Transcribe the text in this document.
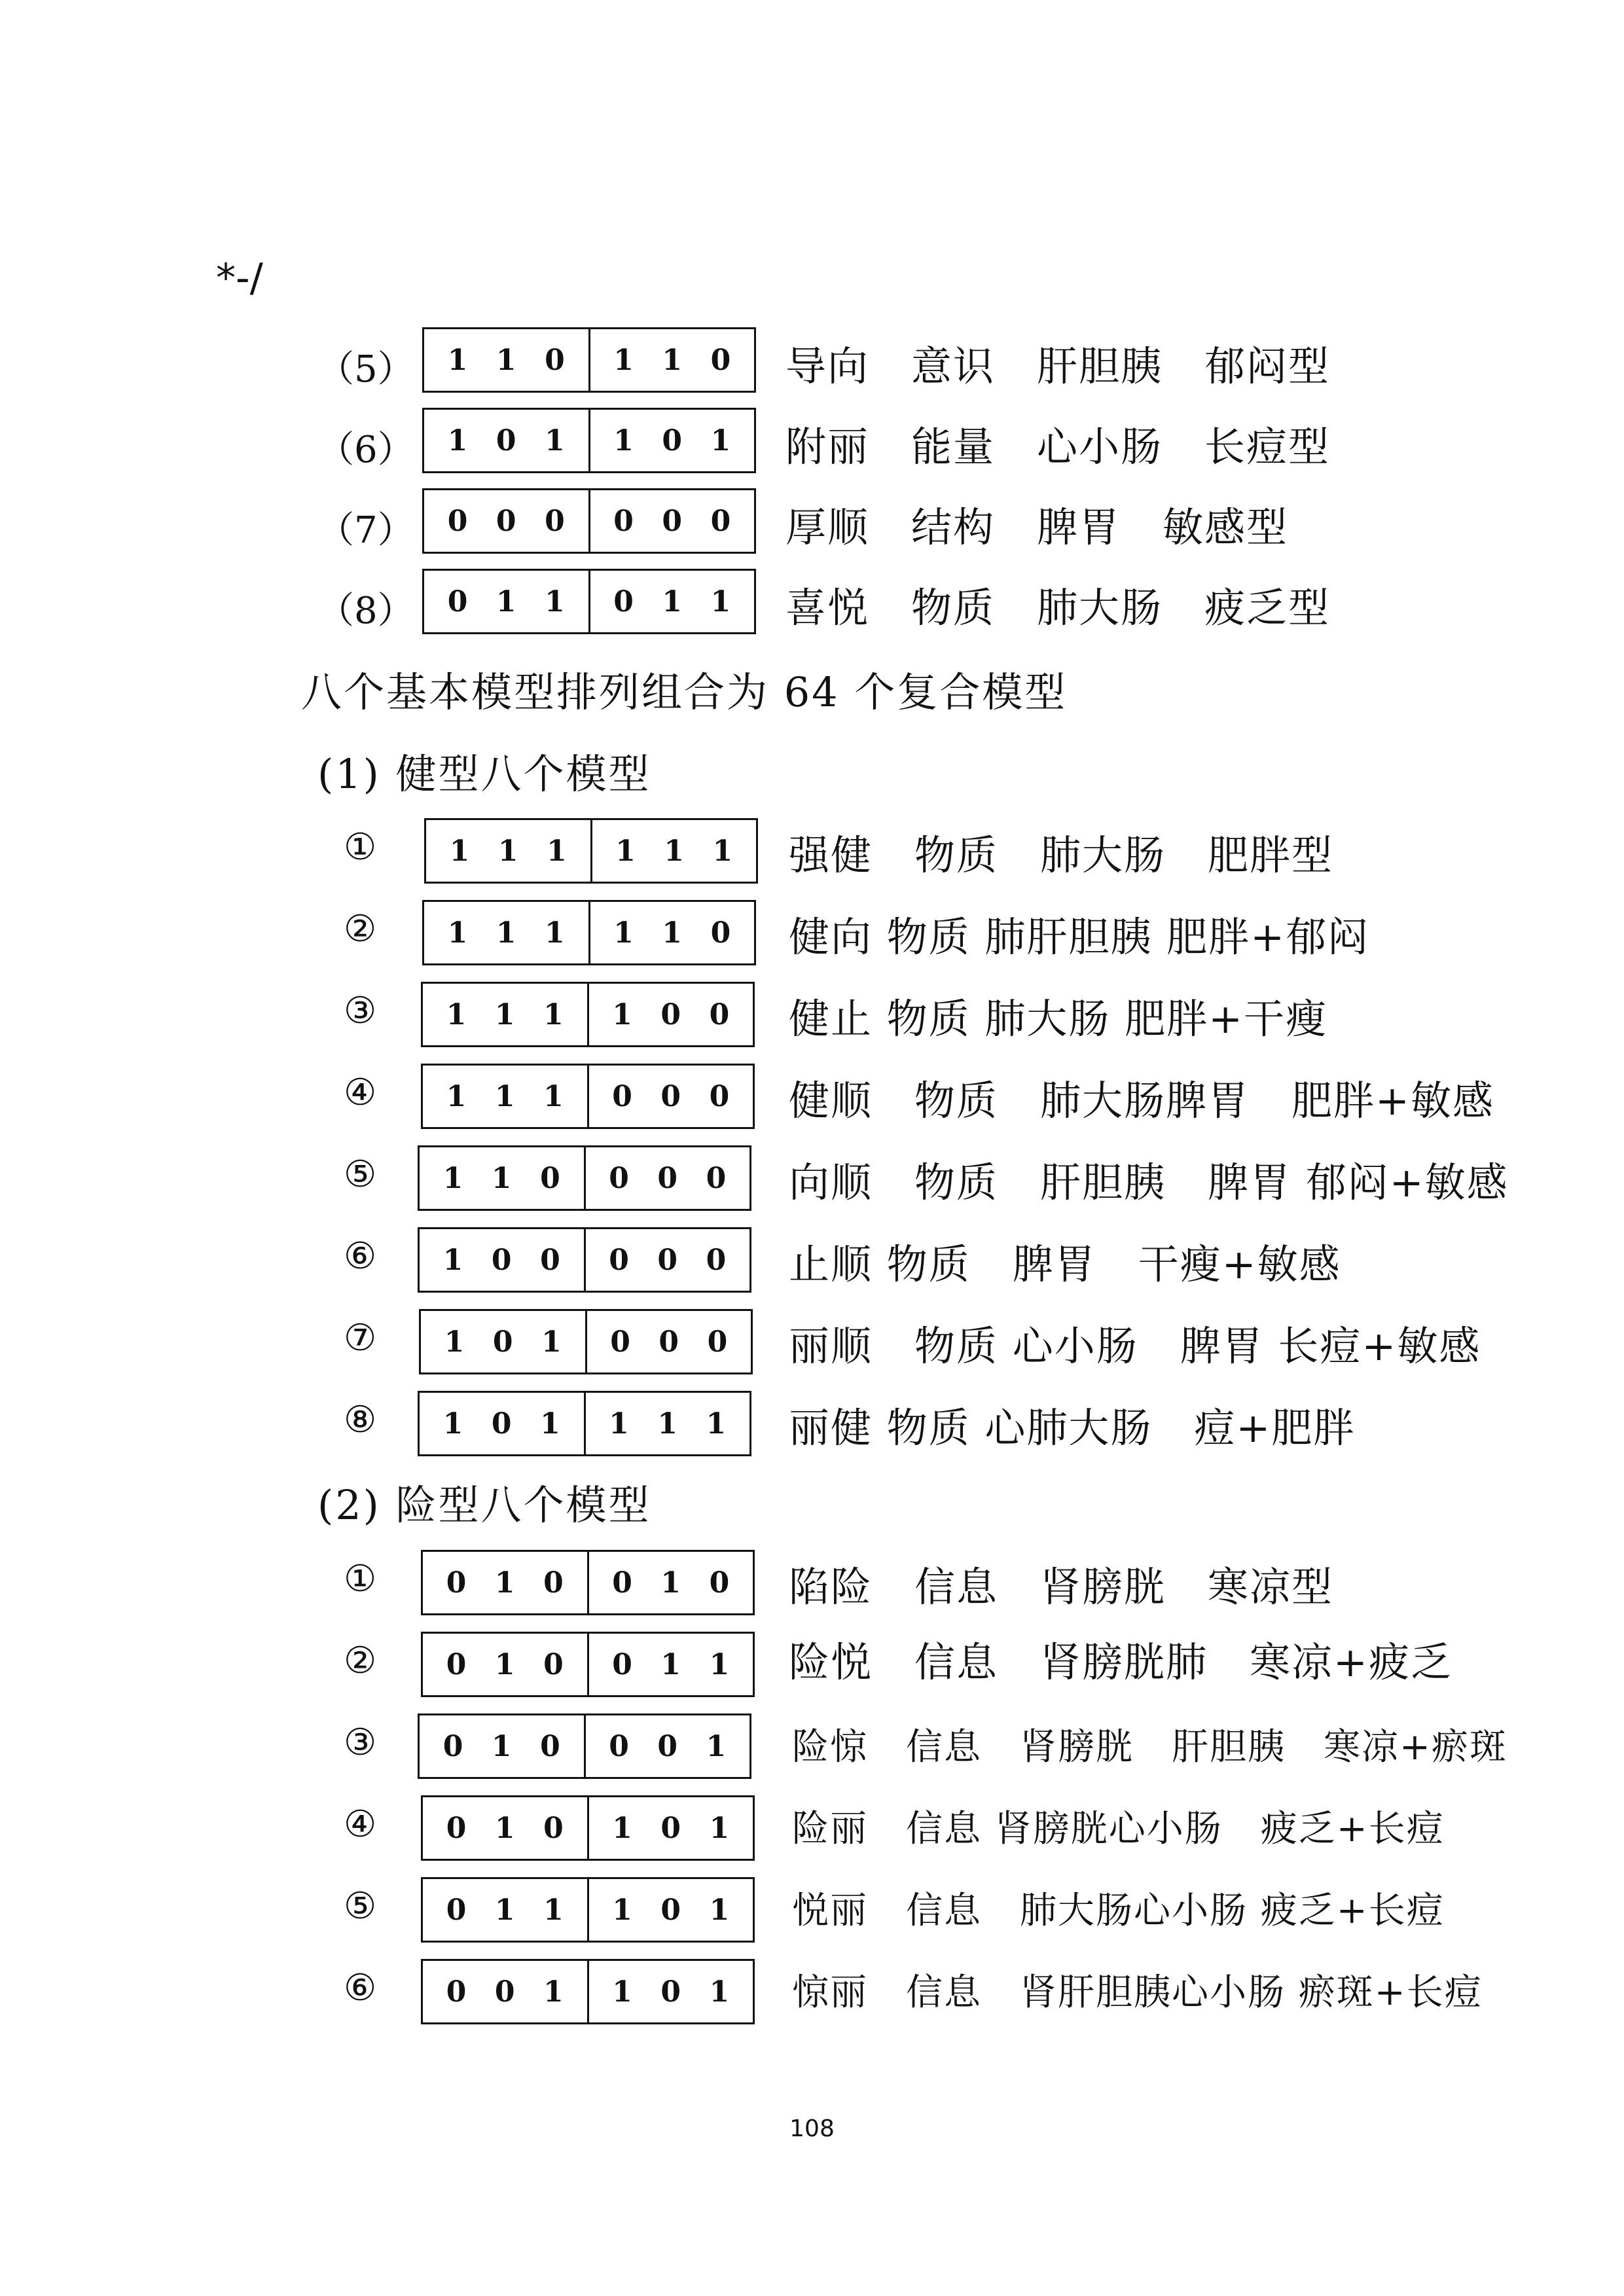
*-/
（5） 1 1 0 1 1 0 导向　意识　肝胆胰　郁闷型
（6） 1 0 1 1 0 1 附丽　能量　心小肠　长痘型
（7） 0 0 0 0 0 0 厚顺　结构　脾胃　敏感型
（8） 0 1 1 0 1 1 喜悦　物质　肺大肠　疲乏型
八个基本模型排列组合为 64 个复合模型
(1) 健型八个模型
①	1 1 1 1 1 1 强健　物质　肺大肠　肥胖型
② 1 1 1 1 1 0 健向 物质 肺肝胆胰 肥胖+郁闷
③ 1 1 1 1 0 0 健止 物质 肺大肠 肥胖+干瘦
④ 1 1 1 0 0 0 健顺　物质　肺大肠脾胃　肥胖+敏感
⑤ 1 1 0 0 0 0 向顺　物质　肝胆胰　脾胃 郁闷+敏感
⑥ 1 0 0 0 0 0 止顺 物质　脾胃　干瘦+敏感
⑦ 1 0 1 0 0 0 丽顺　物质 心小肠　脾胃 长痘+敏感
⑧ 1 0 1 1 1 1 丽健 物质 心肺大肠　痘+肥胖
(2) 险型八个模型
① 0 1 0 0 1 0 陷险　信息　肾膀胱　寒凉型
② 0 1 0 0 1 1 险悦　信息　肾膀胱肺　寒凉+疲乏
③ 0 1 0 0 0 1 险惊　信息　肾膀胱　肝胆胰　寒凉+瘀斑
④ 0 1 0 1 0 1 险丽　信息 肾膀胱心小肠　疲乏+长痘
⑤ 0 1 1 1 0 1 悦丽　信息　肺大肠心小肠 疲乏+长痘
⑥ 0 0 1 1 0 1 惊丽　信息　肾肝胆胰心小肠 瘀斑+长痘
108
